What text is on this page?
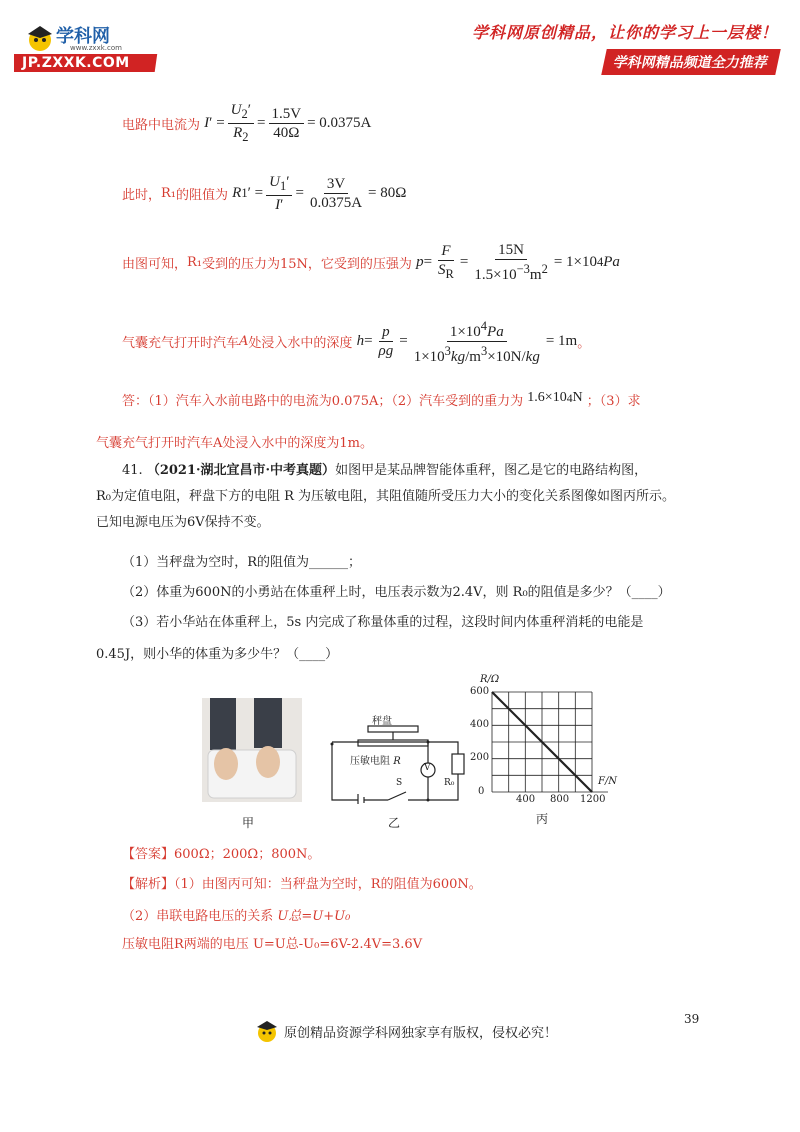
学科网
www.zxxk.com
JP.ZXXK.COM
学科网原创精品，让你的学习上一层楼！
学科网精品频道全力推荐
电路中电流为 I ′ = $\frac{U_2'}{R_2} = \frac{1.5V}{40\Omega} = 0.0375A$
此时，R₁的阻值为 R 1 ′ = $\frac{U_1'}{I'} = \frac{3V}{0.0375A} = 80\Omega$
由图可知，R₁受到的压力为15N，它受到的压强为 $p = \frac{F}{S_R} = \frac{15N}{1.5\times 10^{-3}m^2} = 1\times 10$ 4 Pa
气囊充气打开时汽车A处浸入水中的深度 $h = \frac{p}{\rho g} = \frac{1\times 10^4Pa}{1\times 10^3kg/m^3\times 10N/kg} = 1m$。
答：（1）汽车入水前电路中的电流为0.075A；（2）汽车受到的重力为 1.6×10 4 N ；（3）求
气囊充气打开时汽车A处浸入水中的深度为1m。
41. （2021·湖北宜昌市·中考真题）如图甲是某品牌智能体重秤，图乙是它的电路结构图，
R₀为定值电阻，秤盘下方的电阻 R 为压敏电阻，其阻值随所受压力大小的变化关系图像如图丙所示。
已知电源电压为6V保持不变。
（1）当秤盘为空时，R的阻值为______；
（2）体重为600N的小勇站在体重秤上时，电压表示数为2.4V，则 R₀的阻值是多少？（____）
（3）若小华站在体重秤上，5s 内完成了称量体重的过程，这段时间内体重秤消耗的电能是
0.45J，则小华的体重为多少牛？（____）
甲
秤盘
压敏电阻 R
V
R₀
S
乙
R/Ω
F/N
0
200
400
600
400 800 1200
丙
【答案】600Ω；200Ω；800N。
【解析】（1）由图丙可知：当秤盘为空时，R的阻值为600N。
（2）串联电路电压的关系 U总=U+U₀
压敏电阻R两端的电压 U=U总-U₀=6V-2.4V=3.6V
39
原创精品资源学科网独家享有版权，侵权必究！
